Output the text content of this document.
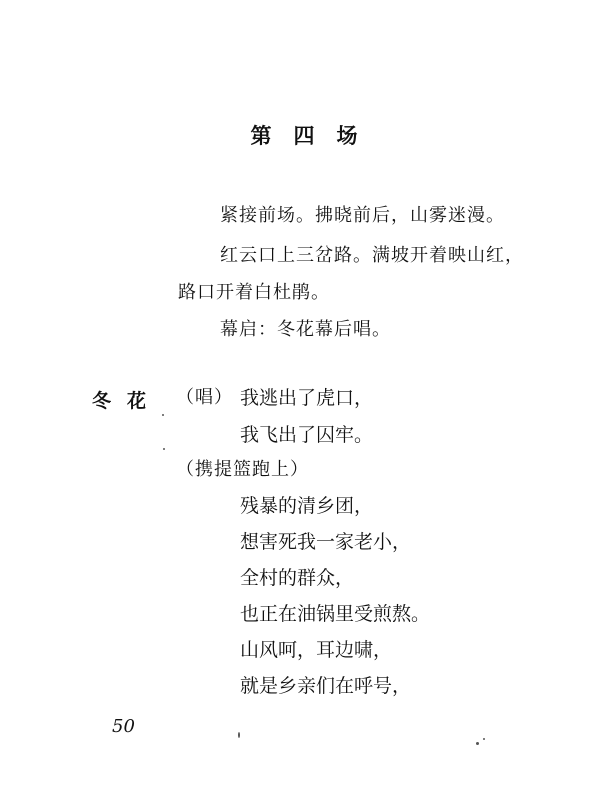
第四场
紧接前场。拂晓前后，山雾迷漫。
红云口上三岔路。满坡开着映山红，
路口开着白杜鹃。
幕启：冬花幕后唱。
冬花 （唱） 我逃出了虎口，
我飞出了囚牢。
（携提篮跑上）
残暴的清乡团，
想害死我一家老小，
全村的群众，
也正在油锅里受煎熬。
山风呵，耳边啸，
就是乡亲们在呼号，
50
